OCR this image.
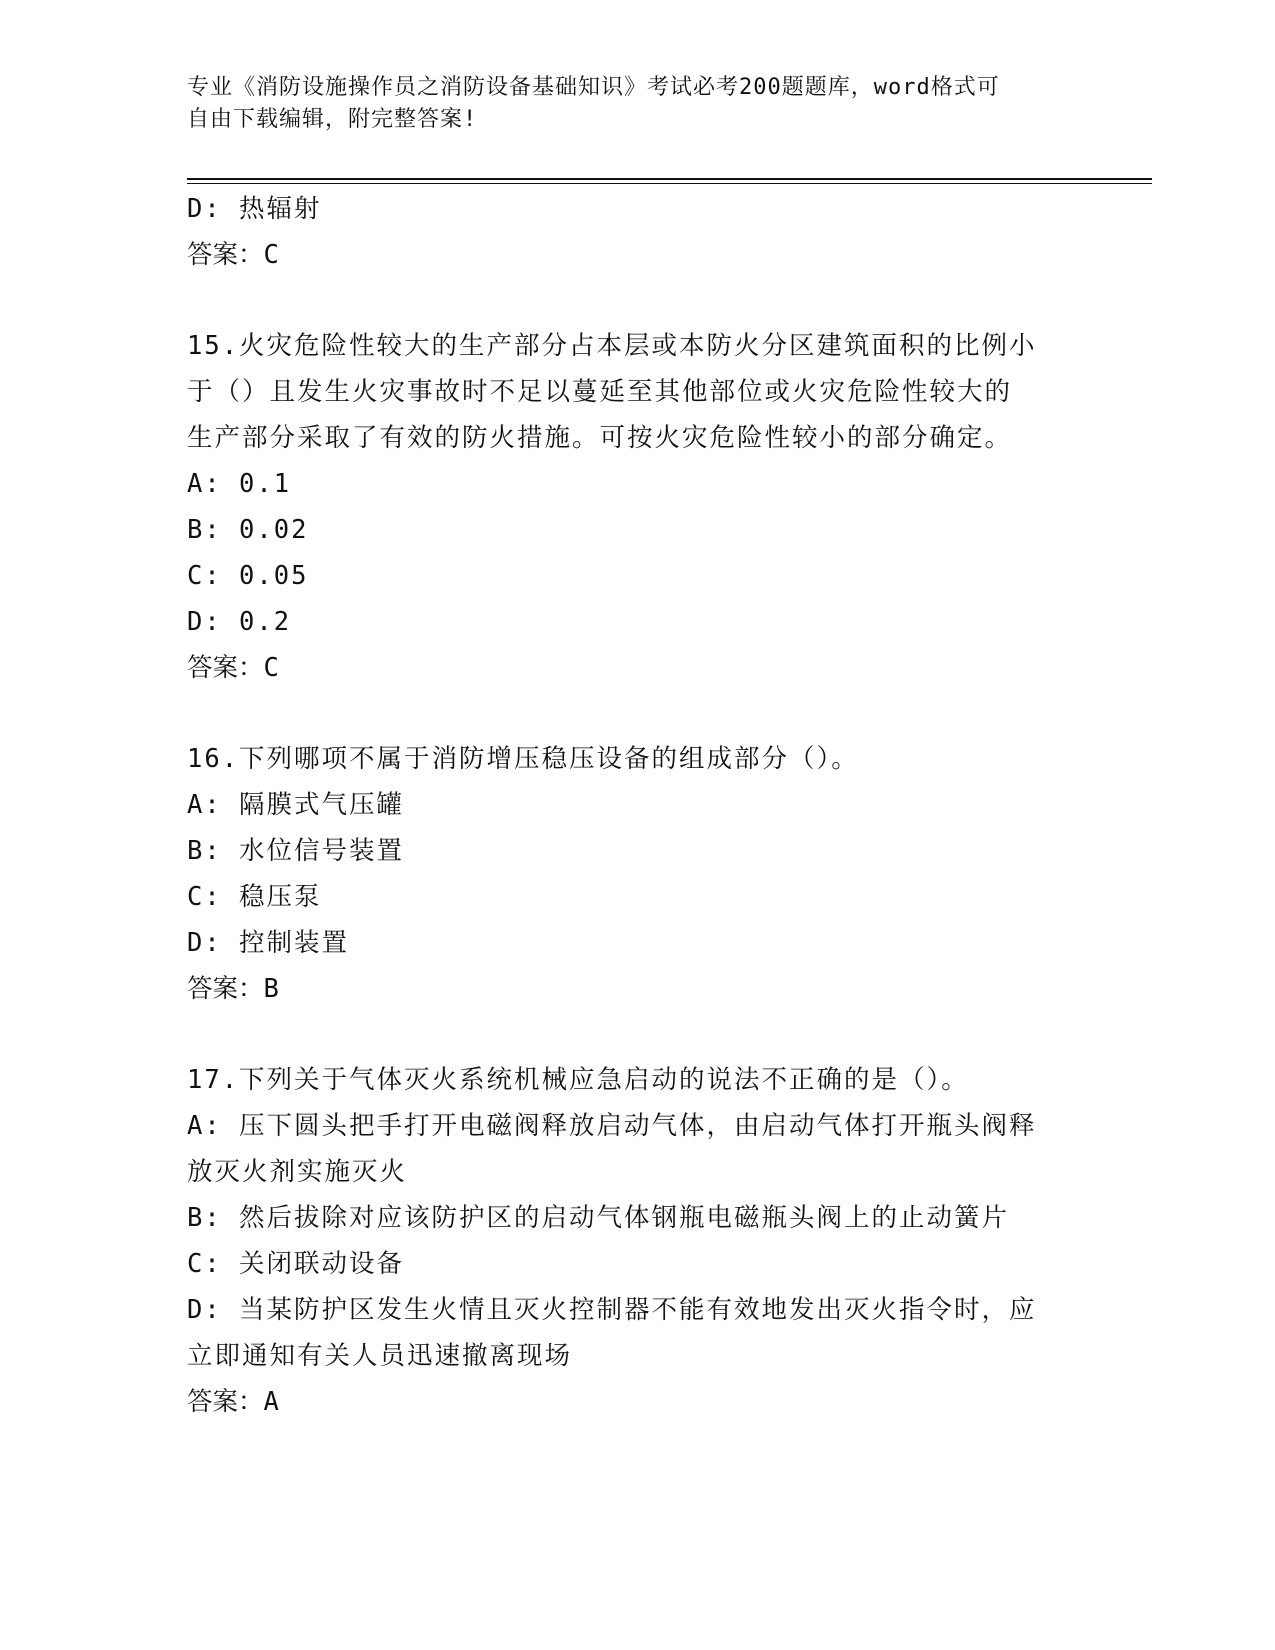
专业《消防设施操作员之消防设备基础知识》考试必考200题题库，word格式可
自由下载编辑，附完整答案!
D: 热辐射
答案：C
15.火灾危险性较大的生产部分占本层或本防火分区建筑面积的比例小
于（）且发生火灾事故时不足以蔓延至其他部位或火灾危险性较大的
生产部分采取了有效的防火措施。可按火灾危险性较小的部分确定。
A: 0.1
B: 0.02
C: 0.05
D: 0.2
答案：C
16.下列哪项不属于消防增压稳压设备的组成部分（）。
A: 隔膜式气压罐
B: 水位信号装置
C: 稳压泵
D: 控制装置
答案：B
17.下列关于气体灭火系统机械应急启动的说法不正确的是（）。
A: 压下圆头把手打开电磁阀释放启动气体，由启动气体打开瓶头阀释
放灭火剂实施灭火
B: 然后拔除对应该防护区的启动气体钢瓶电磁瓶头阀上的止动簧片
C: 关闭联动设备
D: 当某防护区发生火情且灭火控制器不能有效地发出灭火指令时，应
立即通知有关人员迅速撤离现场
答案：A
